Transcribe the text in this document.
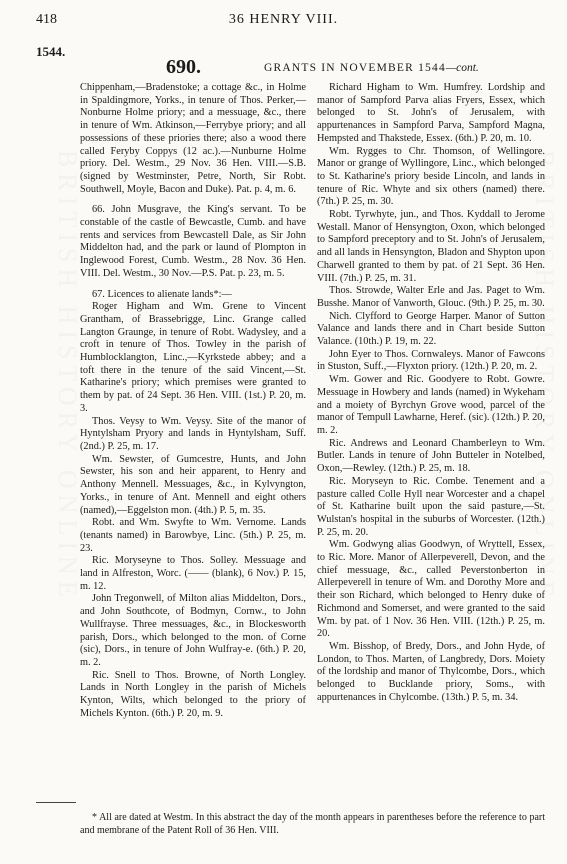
418	36 HENRY VIII.
1544.
690.	GRANTS IN NOVEMBER 1544—cont.

Chippenham,—Bradenstoke; a cottage &c., in Holme in Spaldingmore, Yorks., in tenure of Thos. Perker,—Nonburne Holme priory; and a messuage, &c., there in tenure of Wm. Atkinson,—Ferrybye priory; and all possessions of these priories there; also a wood there called Feryby Coppys (12 ac.).—Nunburne Holme priory. Del. Westm., 29 Nov. 36 Hen. VIII.—S.B. (signed by Westminster, Petre, North, Sir Robt. Southwell, Moyle, Bacon and Duke). Pat. p. 4, m. 6.

66. John Musgrave, the King's servant. To be constable of the castle of Bewcastle, Cumb. and have rents and services from Bewcastell Dale, as Sir John Middelton had, and the park or laund of Plompton in Inglewood Forest, Cumb. Westm., 28 Nov. 36 Hen. VIII. Del. Westm., 30 Nov.—P.S. Pat. p. 23, m. 5.

67. Licences to alienate lands*:—

Roger Higham and Wm. Grene to Vincent Grantham, of Brassebrigge, Linc. Grange called Langton Graunge, in tenure of Robt. Wadysley, and a croft in tenure of Thos. Towley in the parish of Humblocklangton, Linc.,—Kyrkstede abbey; and a toft there in the tenure of the said Vincent,—St. Katharine's priory; which premises were granted to them by pat. of 24 Sept. 36 Hen. VIII. (1st.) P. 20, m. 3.

Thos. Veysy to Wm. Veysy. Site of the manor of Hyntylsham Pryory and lands in Hyntylsham, Suff. (2nd.) P. 25, m. 17.

Wm. Sewster, of Gumcestre, Hunts, and John Sewster, his son and heir apparent, to Henry and Anthony Mennell. Messuages, &c., in Kylvyngton, Yorks., in tenure of Ant. Mennell and eight others (named),—Eggelston mon. (4th.) P. 5, m. 35.

Robt. and Wm. Swyfte to Wm. Vernome. Lands (tenants named) in Barowbye, Linc. (5th.) P. 25, m. 23.

Ric. Moryseyne to Thos. Solley. Messuage and land in Alfreston, Worc. (—— (blank), 6 Nov.) P. 15, m. 12.

John Tregonwell, of Milton alias Middelton, Dors., and John Southcote, of Bodmyn, Cornw., to John Wullfrayse. Three messuages, &c., in Blockesworth parish, Dors., which belonged to the mon. of Corne (sic), Dors., in tenure of John Wulfray-e. (6th.) P. 20, m. 2.

Ric. Snell to Thos. Browne, of North Longley. Lands in North Longley in the parish of Michels Kynton, Wilts, which belonged to the priory of Michels Kynton. (6th.) P. 20, m. 9.

Richard Higham to Wm. Humfrey. Lordship and manor of Sampford Parva alias Fryers, Essex, which belonged to St. John's of Jerusalem, with appurtenances in Sampford Parva, Sampford Magna, Hempsted and Thakstede, Essex. (6th.) P. 20, m. 10.

Wm. Rygges to Chr. Thomson, of Wellingore. Manor or grange of Wyllingore, Linc., which belonged to St. Katharine's priory beside Lincoln, and lands in tenure of Ric. Whyte and six others (named) there. (7th.) P. 25, m. 30.

Robt. Tyrwhyte, jun., and Thos. Kyddall to Jerome Westall. Manor of Hensyngton, Oxon, which belonged to Sampford preceptory and to St. John's of Jerusalem, and all lands in Hensyngton, Bladon and Shypton upon Charwell granted to them by pat. of 21 Sept. 36 Hen. VIII. (7th.) P. 25, m. 31.

Thos. Strowde, Walter Erle and Jas. Paget to Wm. Busshe. Manor of Vanworth, Glouc. (9th.) P. 25, m. 30.

Nich. Clyfford to George Harper. Manor of Sutton Valance and lands there and in Chart beside Sutton Valance. (10th.) P. 19, m. 22.

John Eyer to Thos. Cornwaleys. Manor of Fawcons in Stuston, Suff.,—Flyxton priory. (12th.) P. 20, m. 2.

Wm. Gower and Ric. Goodyere to Robt. Gowre. Messuage in Howbery and lands (named) in Wykeham and a moiety of Byrchyn Grove wood, parcel of the manor of Tempull Lawharne, Heref. (sic). (12th.) P. 20, m. 2.

Ric. Andrews and Leonard Chamberleyn to Wm. Butler. Lands in tenure of John Butteler in Notelbed, Oxon,—Rewley. (12th.) P. 25, m. 18.

Ric. Moryseyn to Ric. Combe. Tenement and a pasture called Colle Hyll near Worcester and a chapel of St. Katharine built upon the said pasture,—St. Wulstan's hospital in the suburbs of Worcester. (12th.) P. 25, m. 20.

Wm. Godwyng alias Goodwyn, of Wryttell, Essex, to Ric. More. Manor of Allerpeverell, Devon, and the chief messuage, &c., called Peverstonberton in Allerpeverell in tenure of Wm. and Dorothy More and their son Richard, which belonged to Henry duke of Richmond and Somerset, and were granted to the said Wm. by pat. of 1 Nov. 36 Hen. VIII. (12th.) P. 25, m. 20.

Wm. Bisshop, of Bredy, Dors., and John Hyde, of London, to Thos. Marten, of Langbredy, Dors. Moiety of the lordship and manor of Thylcombe, Dors., which belonged to Bucklande priory, Soms., with appurtenances in Chylcombe. (13th.) P. 5, m. 34.

* All are dated at Westm. In this abstract the day of the month appears in parentheses before the reference to part and membrane of the Patent Roll of 36 Hen. VIII.

BRITISH HISTORY ONLINE	BRITISH HISTORY ONLINE
